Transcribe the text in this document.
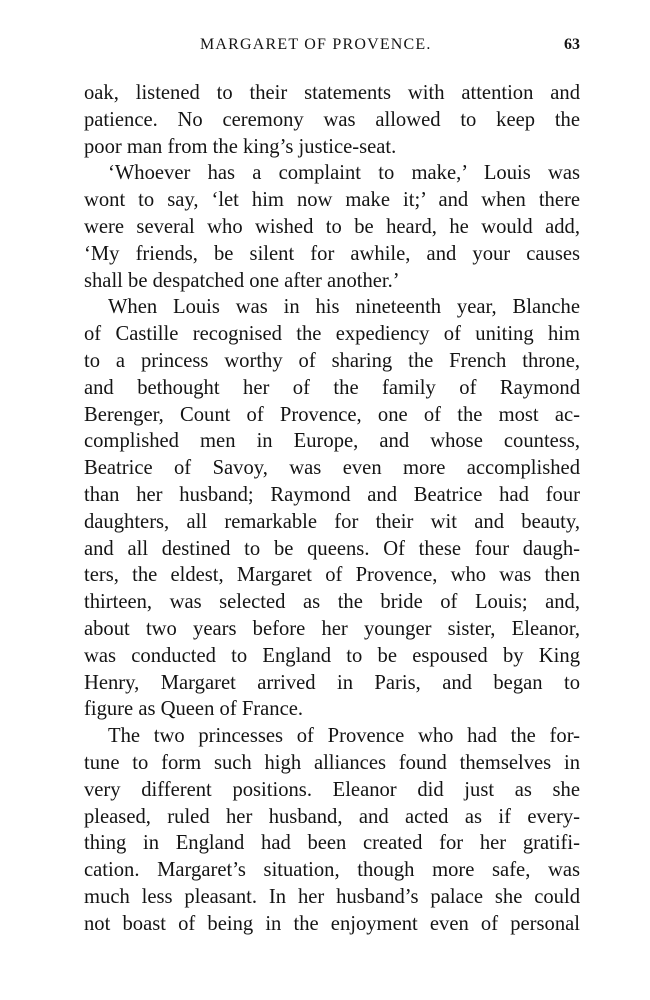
MARGARET OF PROVENCE.	63
oak, listened to their statements with attention and
patience. No ceremony was allowed to keep the
poor man from the king’s justice-seat.
‘Whoever has a complaint to make,’ Louis was
wont to say, ‘let him now make it;’ and when there
were several who wished to be heard, he would add,
‘My friends, be silent for awhile, and your causes
shall be despatched one after another.’
When Louis was in his nineteenth year, Blanche
of Castille recognised the expediency of uniting him
to a princess worthy of sharing the French throne,
and bethought her of the family of Raymond
Berenger, Count of Provence, one of the most ac-
complished men in Europe, and whose countess,
Beatrice of Savoy, was even more accomplished
than her husband; Raymond and Beatrice had four
daughters, all remarkable for their wit and beauty,
and all destined to be queens. Of these four daugh-
ters, the eldest, Margaret of Provence, who was then
thirteen, was selected as the bride of Louis; and,
about two years before her younger sister, Eleanor,
was conducted to England to be espoused by King
Henry, Margaret arrived in Paris, and began to
figure as Queen of France.
The two princesses of Provence who had the for-
tune to form such high alliances found themselves in
very different positions. Eleanor did just as she
pleased, ruled her husband, and acted as if every-
thing in England had been created for her gratifi-
cation. Margaret’s situation, though more safe, was
much less pleasant. In her husband’s palace she could
not boast of being in the enjoyment even of personal
